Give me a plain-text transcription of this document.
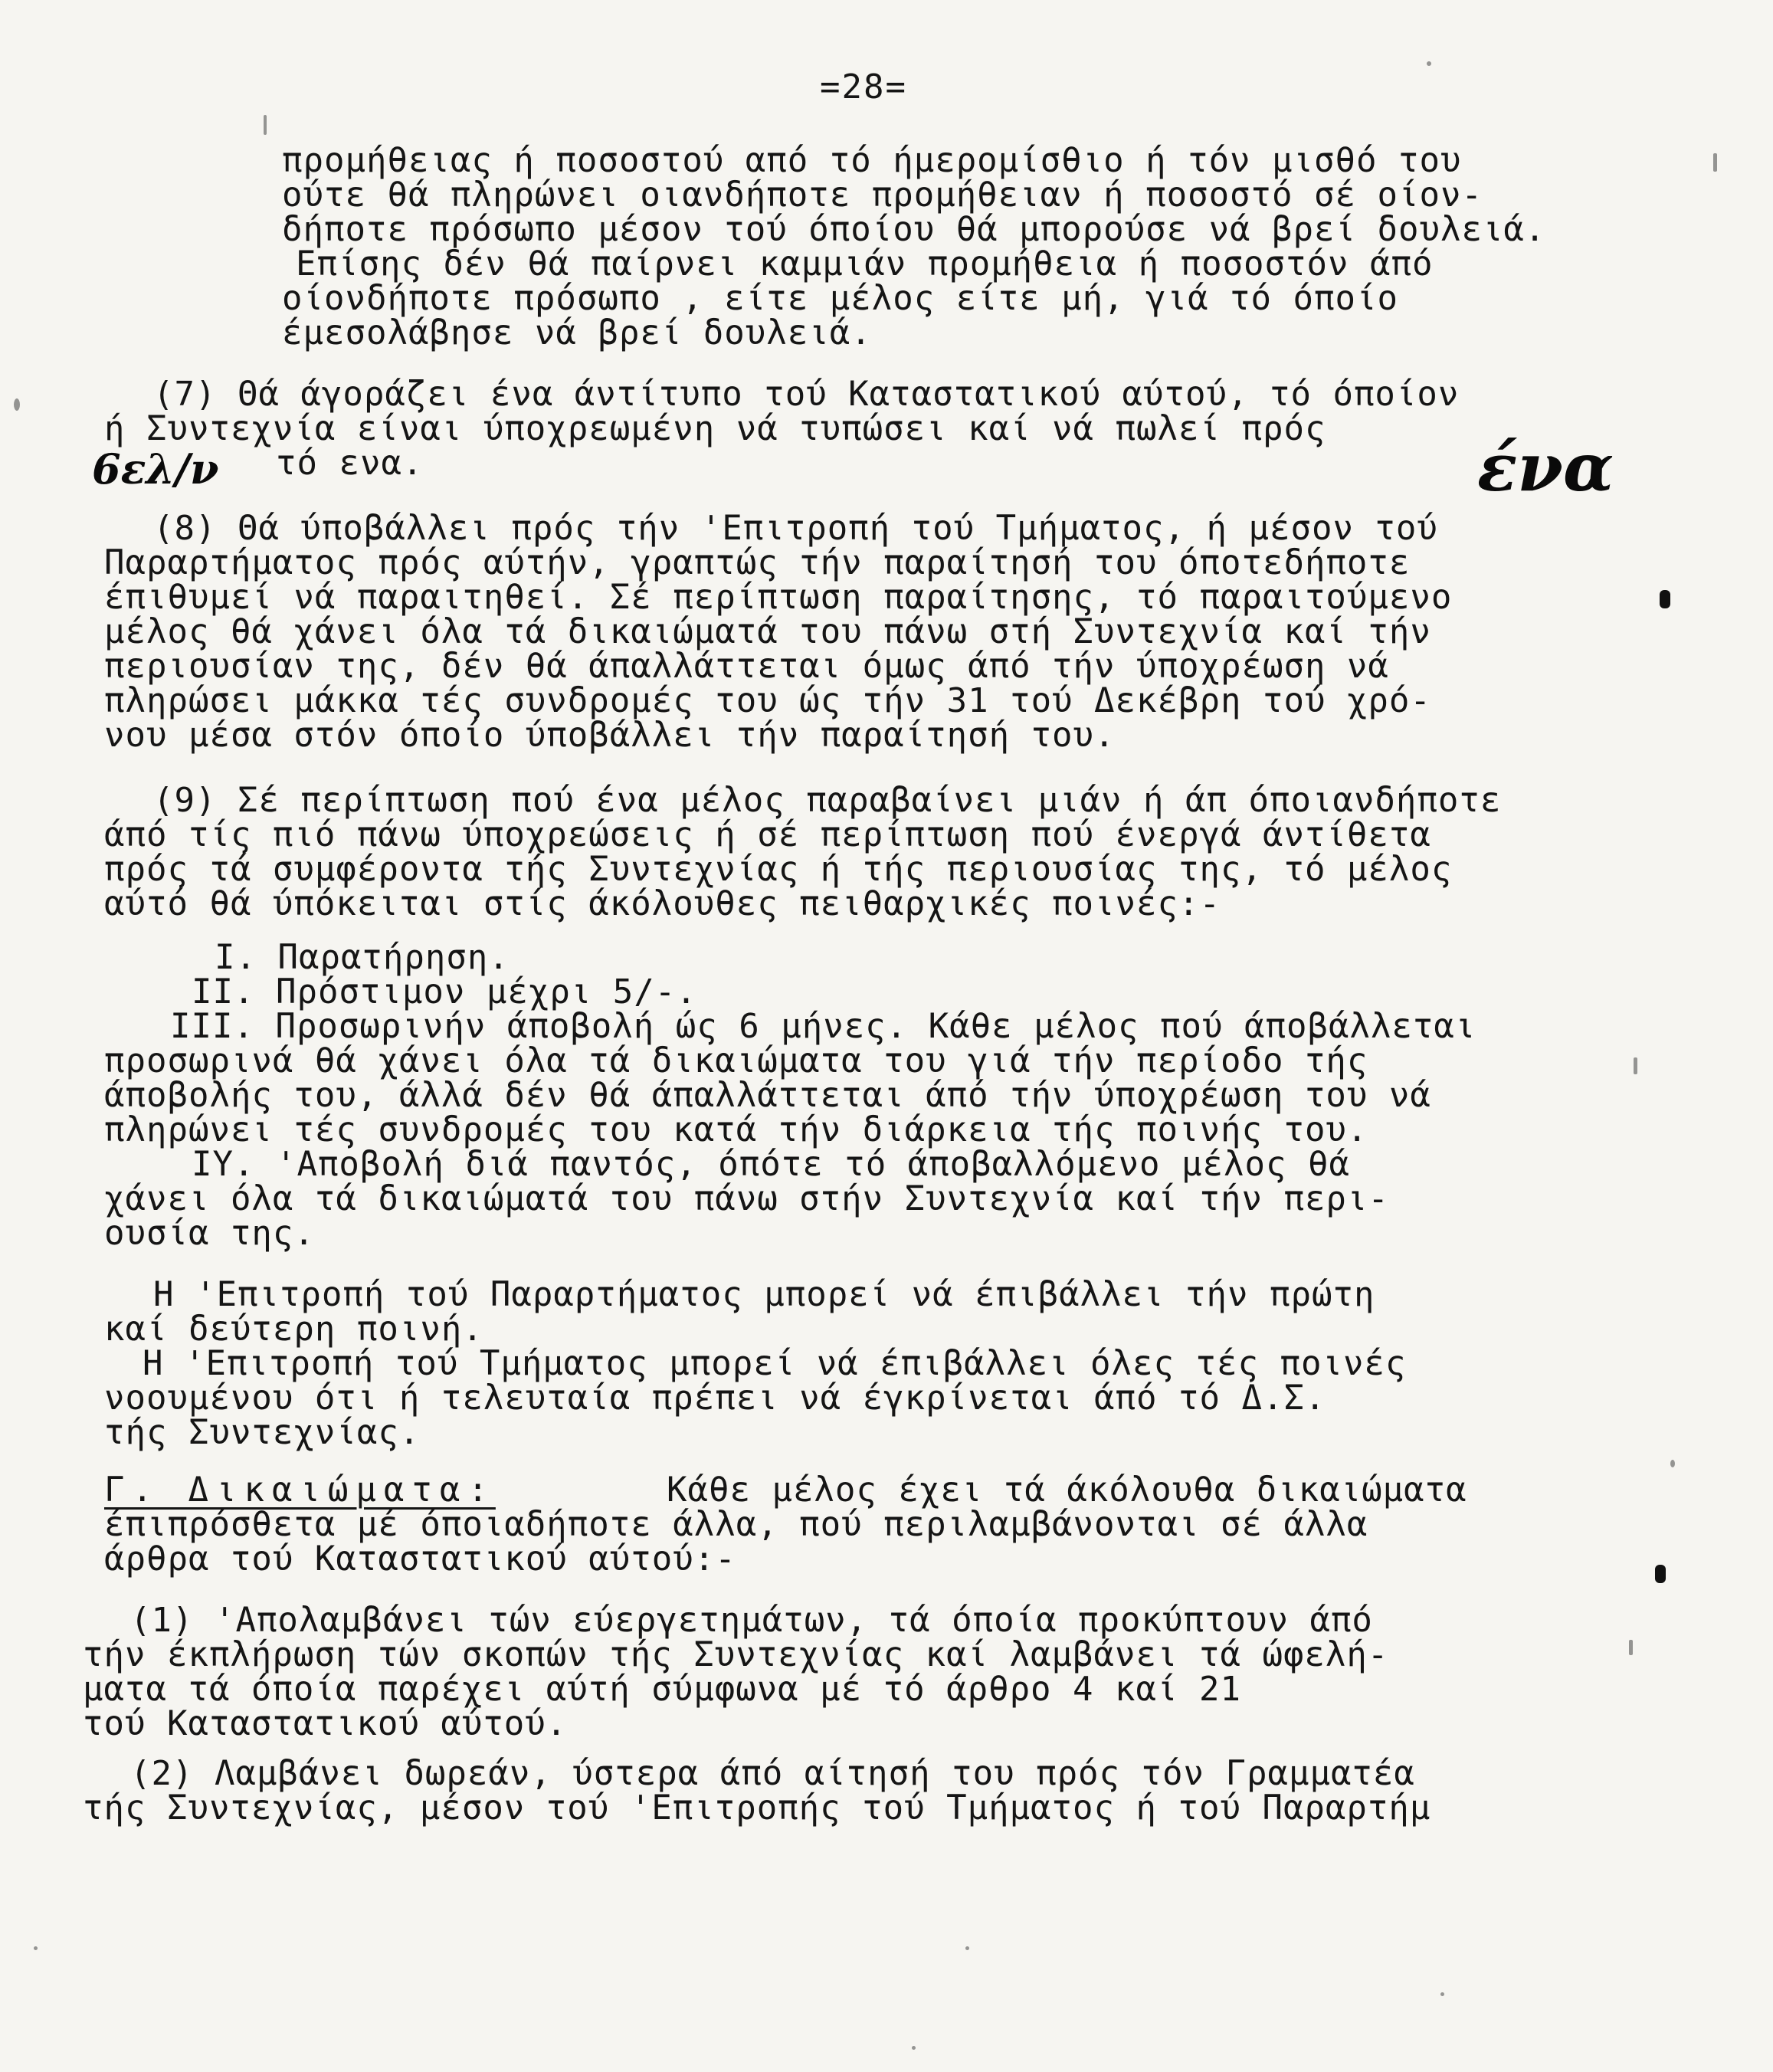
=28=
προμήθειας ή ποσοστού από τό ήμερομίσθιο ή τόν μισθό του
ούτε θά πληρώνει οιανδήποτε προμήθειαν ή ποσοστό σέ οίον-
δήποτε πρόσωπο μέσον τού όποίου θά μπορούσε νά βρεί δουλειά.
Επίσης δέν θά παίρνει καμμιάν προμήθεια ή ποσοστόν άπό
οίονδήποτε πρόσωπο , είτε μέλος είτε μή, γιά τό όποίο
έμεσολάβησε νά βρεί δουλειά.
(7) Θά άγοράζει ένα άντίτυπο τού Καταστατικού αύτού, τό όποίον
ή Συντεχνία είναι ύποχρεωμένη νά τυπώσει καί νά πωλεί πρός
τό ενα.
(8) Θά ύποβάλλει πρός τήν 'Επιτροπή τού Τμήματος, ή μέσον τού
Παραρτήματος πρός αύτήν, γραπτώς τήν παραίτησή του όποτεδήποτε
έπιθυμεί νά παραιτηθεί. Σέ περίπτωση παραίτησης, τό παραιτούμενο
μέλος θά χάνει όλα τά δικαιώματά του πάνω στή Συντεχνία καί τήν
περιουσίαν της, δέν θά άπαλλάττεται όμως άπό τήν ύποχρέωση νά
πληρώσει μάκκα τές συνδρομές του ώς τήν 31 τού Δεκέβρη τού χρό-
νου μέσα στόν όποίο ύποβάλλει τήν παραίτησή του.
(9) Σέ περίπτωση πού ένα μέλος παραβαίνει μιάν ή άπ όποιανδήποτε
άπό τίς πιό πάνω ύποχρεώσεις ή σέ περίπτωση πού ένεργά άντίθετα
πρός τά συμφέροντα τής Συντεχνίας ή τής περιουσίας της, τό μέλος
αύτό θά ύπόκειται στίς άκόλουθες πειθαρχικές ποινές:-
Ι. Παρατήρηση.
ΙΙ. Πρόστιμον μέχρι 5/-.
ΙΙΙ. Προσωρινήν άποβολή ώς 6 μήνες. Κάθε μέλος πού άποβάλλεται
προσωρινά θά χάνει όλα τά δικαιώματα του γιά τήν περίοδο τής
άποβολής του, άλλά δέν θά άπαλλάττεται άπό τήν ύποχρέωση του νά
πληρώνει τές συνδρομές του κατά τήν διάρκεια τής ποινής του.
ΙΥ. 'Αποβολή διά παντός, όπότε τό άποβαλλόμενο μέλος θά
χάνει όλα τά δικαιώματά του πάνω στήν Συντεχνία καί τήν περι-
ουσία της.
Η 'Επιτροπή τού Παραρτήματος μπορεί νά έπιβάλλει τήν πρώτη
καί δεύτερη ποινή.
Η 'Επιτροπή τού Τμήματος μπορεί νά έπιβάλλει όλες τές ποινές
νοουμένου ότι ή τελευταία πρέπει νά έγκρίνεται άπό τό Δ.Σ.
τής Συντεχνίας.
Γ. Δικαιώματα:	Κάθε μέλος έχει τά άκόλουθα δικαιώματα
έπιπρόσθετα μέ όποιαδήποτε άλλα, πού περιλαμβάνονται σέ άλλα
άρθρα τού Καταστατικού αύτού:-
(1) 'Απολαμβάνει τών εύεργετημάτων, τά όποία προκύπτουν άπό
τήν έκπλήρωση τών σκοπών τής Συντεχνίας καί λαμβάνει τά ώφελή-
ματα τά όποία παρέχει αύτή σύμφωνα μέ τό άρθρο 4 καί 21
τού Καταστατικού αύτού.
(2) Λαμβάνει δωρεάν, ύστερα άπό αίτησή του πρός τόν Γραμματέα
τής Συντεχνίας, μέσον τού 'Επιτροπής τού Τμήματος ή τού Παραρτήμ
6ελ/ν	ένα
